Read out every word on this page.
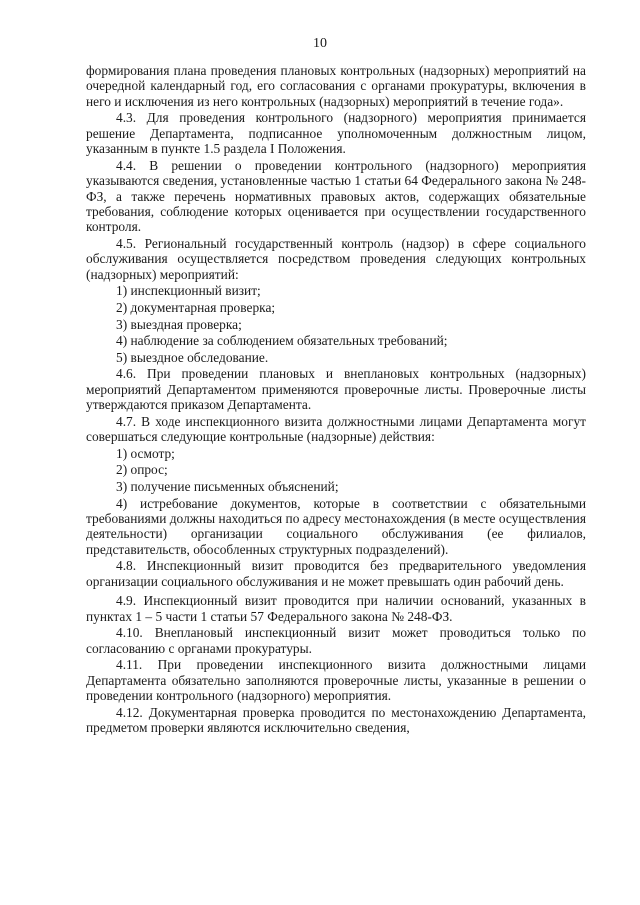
10

формирования плана проведения плановых контрольных (надзорных) мероприятий на очередной календарный год, его согласования с органами прокуратуры, включения в него и исключения из него контрольных (надзорных) мероприятий в течение года».

4.3. Для проведения контрольного (надзорного) мероприятия принимается решение Департамента, подписанное уполномоченным должностным лицом, указанным в пункте 1.5 раздела I Положения.

4.4. В решении о проведении контрольного (надзорного) мероприятия указываются сведения, установленные частью 1 статьи 64 Федерального закона № 248-ФЗ, а также перечень нормативных правовых актов, содержащих обязательные требования, соблюдение которых оценивается при осуществлении государственного контроля.

4.5. Региональный государственный контроль (надзор) в сфере социального обслуживания осуществляется посредством проведения следующих контрольных (надзорных) мероприятий:

1) инспекционный визит;

2) документарная проверка;

3) выездная проверка;

4) наблюдение за соблюдением обязательных требований;

5) выездное обследование.

4.6. При проведении плановых и внеплановых контрольных (надзорных) мероприятий Департаментом применяются проверочные листы. Проверочные листы утверждаются приказом Департамента.

4.7. В ходе инспекционного визита должностными лицами Департамента могут совершаться следующие контрольные (надзорные) действия:

1) осмотр;

2) опрос;

3) получение письменных объяснений;

4) истребование документов, которые в соответствии с обязательными требованиями должны находиться по адресу местонахождения (в месте осуществления деятельности) организации социального обслуживания (ее филиалов, представительств, обособленных структурных подразделений).

4.8. Инспекционный визит проводится без предварительного уведомления организации социального обслуживания и не может превышать один рабочий день.

4.9. Инспекционный визит проводится при наличии оснований, указанных в пунктах 1 – 5 части 1 статьи 57 Федерального закона № 248-ФЗ.

4.10. Внеплановый инспекционный визит может проводиться только по согласованию с органами прокуратуры.

4.11. При проведении инспекционного визита должностными лицами Департамента обязательно заполняются проверочные листы, указанные в решении о проведении контрольного (надзорного) мероприятия.

4.12. Документарная проверка проводится по местонахождению Департамента, предметом проверки являются исключительно сведения,
